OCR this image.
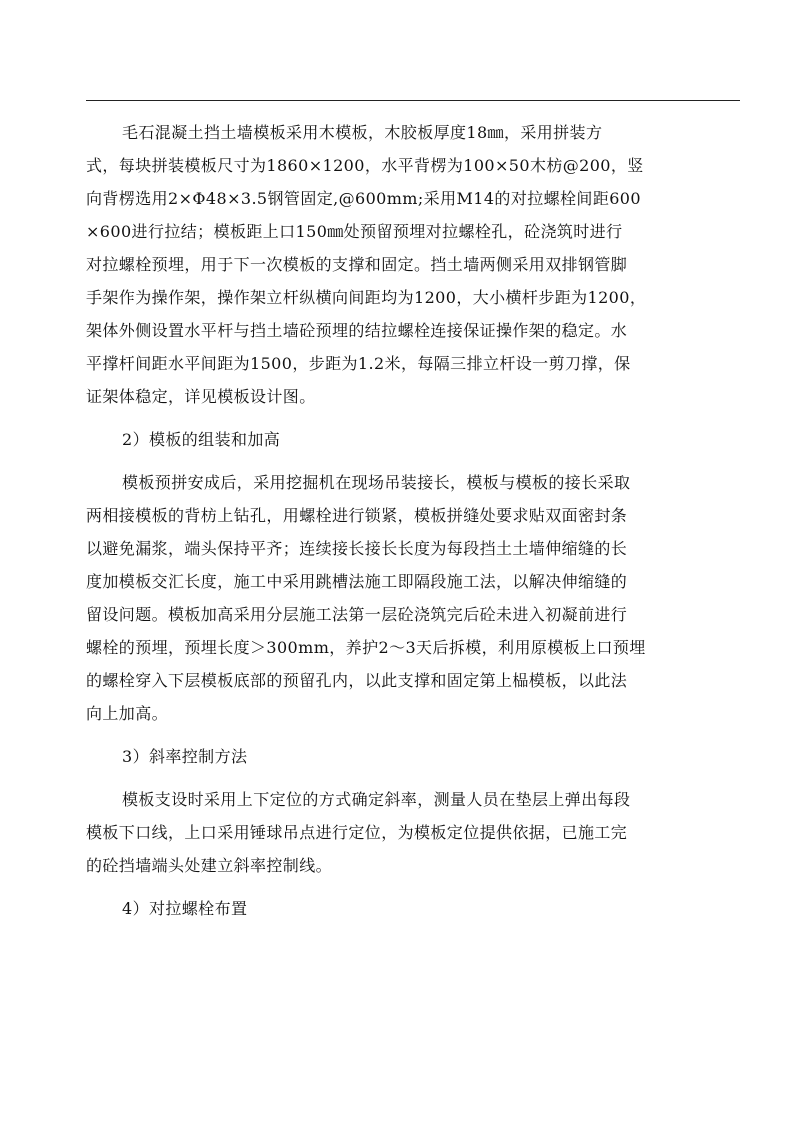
毛石混凝土挡土墙模板采用木模板，木胶板厚度18㎜，采用拼装方
式，每块拼装模板尺寸为1860×1200，水平背楞为100×50木枋@200，竖
向背楞选用2×Φ48×3.5钢管固定,@600mm;采用M14的对拉螺栓间距600
×600进行拉结；模板距上口150㎜处预留预埋对拉螺栓孔，砼浇筑时进行
对拉螺栓预埋，用于下一次模板的支撑和固定。挡土墙两侧采用双排钢管脚
手架作为操作架，操作架立杆纵横向间距均为1200，大小横杆步距为1200，
架体外侧设置水平杆与挡土墙砼预埋的结拉螺栓连接保证操作架的稳定。水
平撑杆间距水平间距为1500，步距为1.2米，每隔三排立杆设一剪刀撑，保
证架体稳定，详见模板设计图。
2）模板的组装和加高
模板预拼安成后，采用挖掘机在现场吊装接长，模板与模板的接长采取
两相接模板的背枋上钻孔，用螺栓进行锁紧，模板拼缝处要求贴双面密封条
以避免漏浆，端头保持平齐；连续接长接长长度为每段挡土土墙伸缩缝的长
度加模板交汇长度，施工中采用跳槽法施工即隔段施工法，以解决伸缩缝的
留设问题。模板加高采用分层施工法第一层砼浇筑完后砼未进入初凝前进行
螺栓的预埋，预埋长度＞300mm，养护2～3天后拆模，利用原模板上口预埋
的螺栓穿入下层模板底部的预留孔内，以此支撑和固定第上榀模板，以此法
向上加高。
3）斜率控制方法
模板支设时采用上下定位的方式确定斜率，测量人员在垫层上弹出每段
模板下口线，上口采用锤球吊点进行定位，为模板定位提供依据，已施工完
的砼挡墙端头处建立斜率控制线。
4）对拉螺栓布置
